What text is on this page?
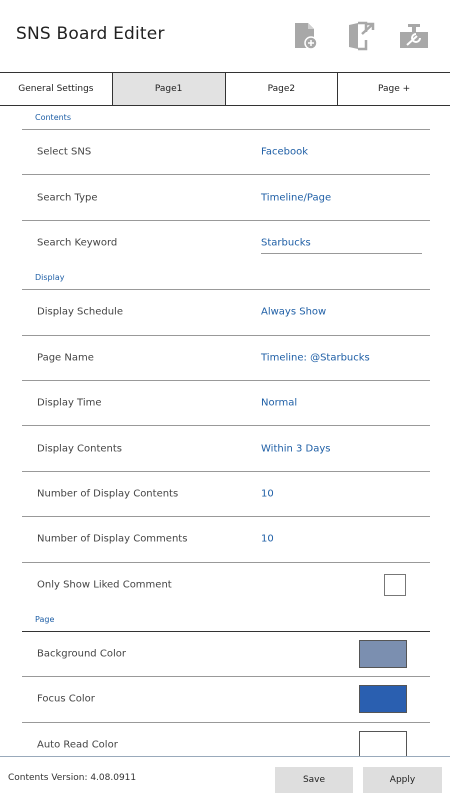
SNS Board Editer
General Settings	Page1	Page2	Page +
Contents
Select SNS	Facebook
Search Type	Timeline/Page
Search Keyword	Starbucks
Display
Display Schedule	Always Show
Page Name	Timeline: @Starbucks
Display Time	Normal
Display Contents	Within 3 Days
Number of Display Contents	10
Number of Display Comments	10
Only Show Liked Comment
Page
Background Color
Focus Color
Auto Read Color
Contents Version: 4.08.0911	Save	Apply
